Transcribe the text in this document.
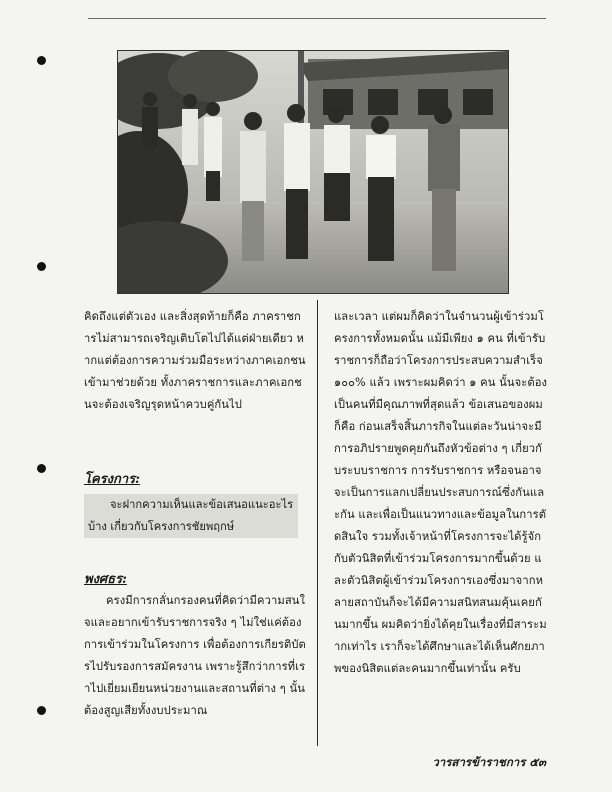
คิดถึงแต่ตัวเอง และสิ่งสุดท้ายก็คือ ภาคราชการไม่สามารถเจริญเติบโตไปได้แต่ฝ่ายเดียว หากแต่ต้องการความร่วมมือระหว่างภาคเอกชนเข้ามาช่วยด้วย ทั้งภาคราชการและภาคเอกชนจะต้องเจริญรุดหน้าควบคู่กันไป

โครงการ:
จะฝากความเห็นและข้อเสนอแนะอะไรบ้าง เกี่ยวกับโครงการชัยพฤกษ์
พงศธร:

ครงมีการกลั่นกรองคนที่คิดว่ามีความสนใจและอยากเข้ารับราชการจริง ๆ ไม่ใช่แค่ต้องการเข้าร่วมในโครงการ เพื่อต้องการเกียรติบัตรไปรับรองการสมัครงาน เพราะรู้สึกว่าการที่เราไปเยี่ยมเยียนหน่วยงานและสถานที่ต่าง ๆ นั้น ต้องสูญเสียทั้งงบประมาณ

และเวลา แต่ผมก็คิดว่าในจำนวนผู้เข้าร่วมโครงการทั้งหมดนั้น แม้มีเพียง ๑ คน ที่เข้ารับราชการก็ถือว่าโครงการประสบความสำเร็จ ๑๐๐% แล้ว เพราะผมคิดว่า ๑ คน นั้นจะต้องเป็นคนที่มีคุณภาพที่สุดแล้ว ข้อเสนอของผมก็คือ ก่อนเสร็จสิ้นภารกิจในแต่ละวันน่าจะมีการอภิปรายพูดคุยกันถึงหัวข้อต่าง ๆ เกี่ยวกับระบบราชการ การรับราชการ หรือจนอาจจะเป็นการแลกเปลี่ยนประสบการณ์ซึ่งกันและกัน และเพื่อเป็นแนวทางและข้อมูลในการตัดสินใจ รวมทั้งเจ้าหน้าที่โครงการจะได้รู้จักกับตัวนิสิตที่เข้าร่วมโครงการมากขึ้นด้วย และตัวนิสิตผู้เข้าร่วมโครงการเองซึ่งมาจากหลายสถาบันก็จะได้มีความสนิทสนมคุ้นเคยกันมากขึ้น ผมคิดว่ายิ่งได้คุยในเรื่องที่มีสาระมากเท่าไร เราก็จะได้ศึกษาและได้เห็นศักยภาพของนิสิตแต่ละคนมากขึ้นเท่านั้น ครับ

วารสารข้าราชการ ๕๓
